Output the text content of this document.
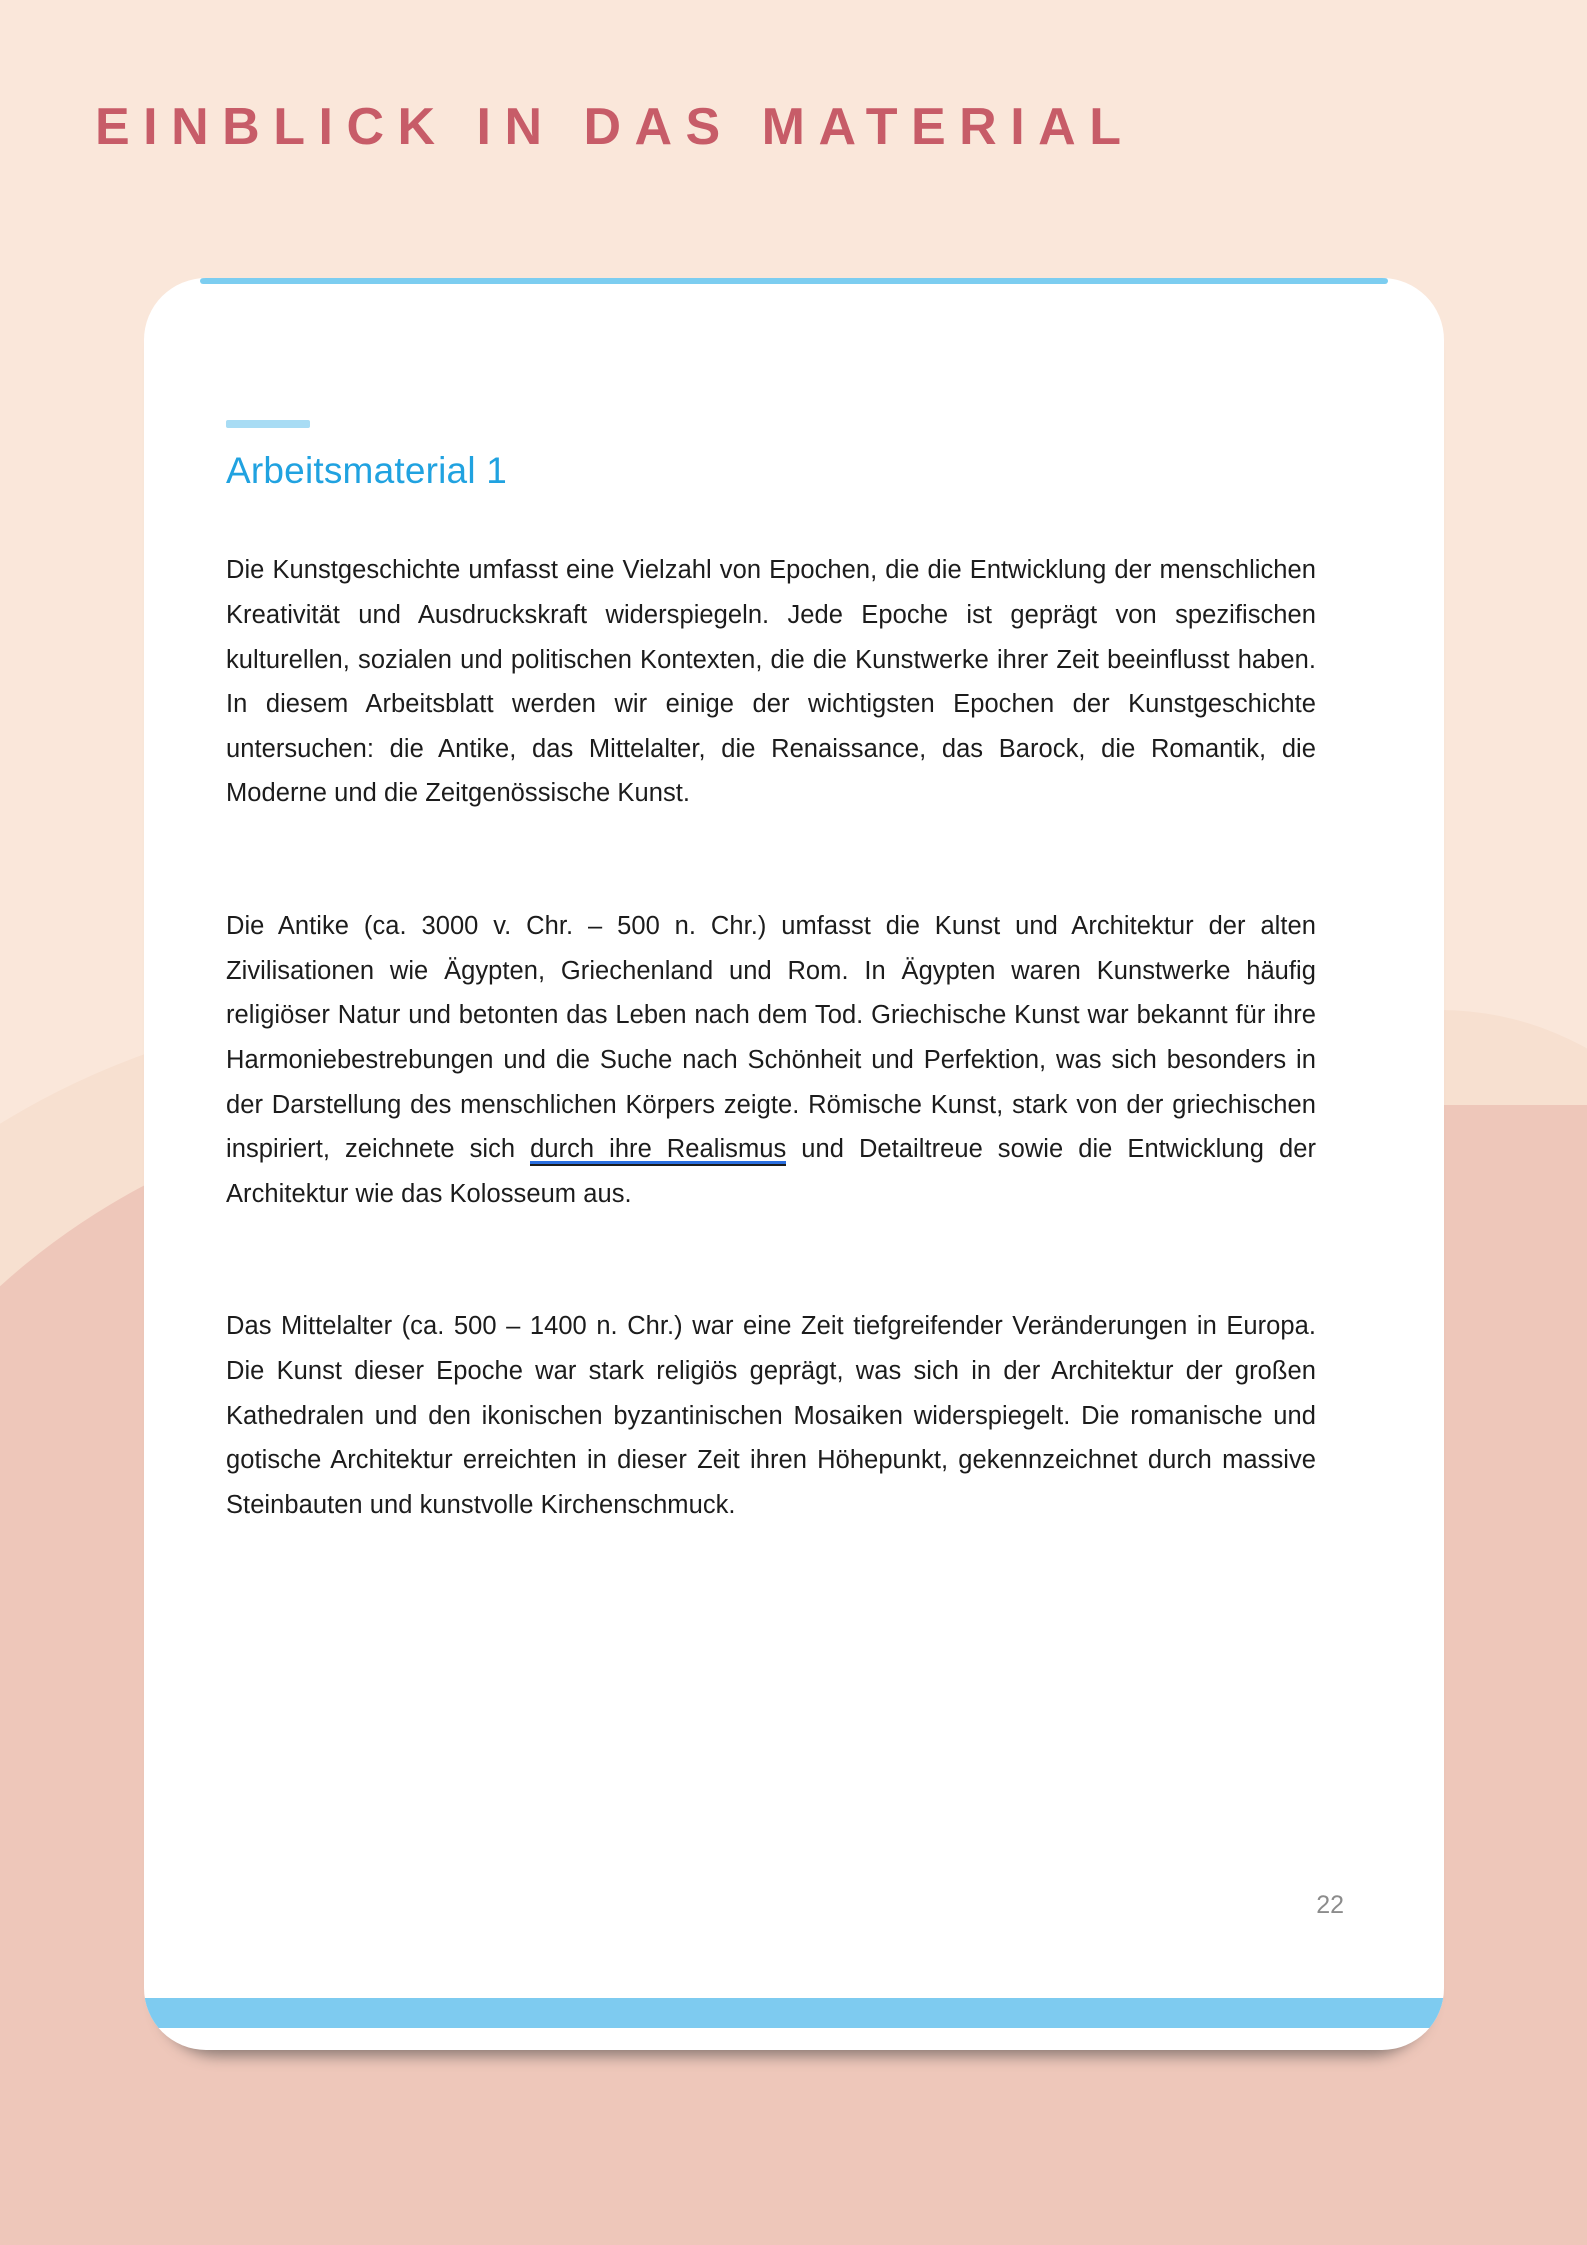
EINBLICK IN DAS MATERIAL
Arbeitsmaterial 1

Die Kunstgeschichte umfasst eine Vielzahl von Epochen, die die Entwicklung der menschlichen Kreativität und Ausdruckskraft widerspiegeln. Jede Epoche ist geprägt von spezifischen kulturellen, sozialen und politischen Kontexten, die die Kunstwerke ihrer Zeit beeinflusst haben. In diesem Arbeitsblatt werden wir einige der wichtigsten Epochen der Kunstgeschichte untersuchen: die Antike, das Mittelalter, die Renaissance, das Barock, die Romantik, die Moderne und die Zeitgenössische Kunst.

Die Antike (ca. 3000 v. Chr. – 500 n. Chr.) umfasst die Kunst und Architektur der alten Zivilisationen wie Ägypten, Griechenland und Rom. In Ägypten waren Kunstwerke häufig religiöser Natur und betonten das Leben nach dem Tod. Griechische Kunst war bekannt für ihre Harmoniebestrebungen und die Suche nach Schönheit und Perfektion, was sich besonders in der Darstellung des menschlichen Körpers zeigte. Römische Kunst, stark von der griechischen inspiriert, zeichnete sich durch ihre Realismus und Detailtreue sowie die Entwicklung der Architektur wie das Kolosseum aus.

Das Mittelalter (ca. 500 – 1400 n. Chr.) war eine Zeit tiefgreifender Veränderungen in Europa. Die Kunst dieser Epoche war stark religiös geprägt, was sich in der Architektur der großen Kathedralen und den ikonischen byzantinischen Mosaiken widerspiegelt. Die romanische und gotische Architektur erreichten in dieser Zeit ihren Höhepunkt, gekennzeichnet durch massive Steinbauten und kunstvolle Kirchenschmuck.

22
